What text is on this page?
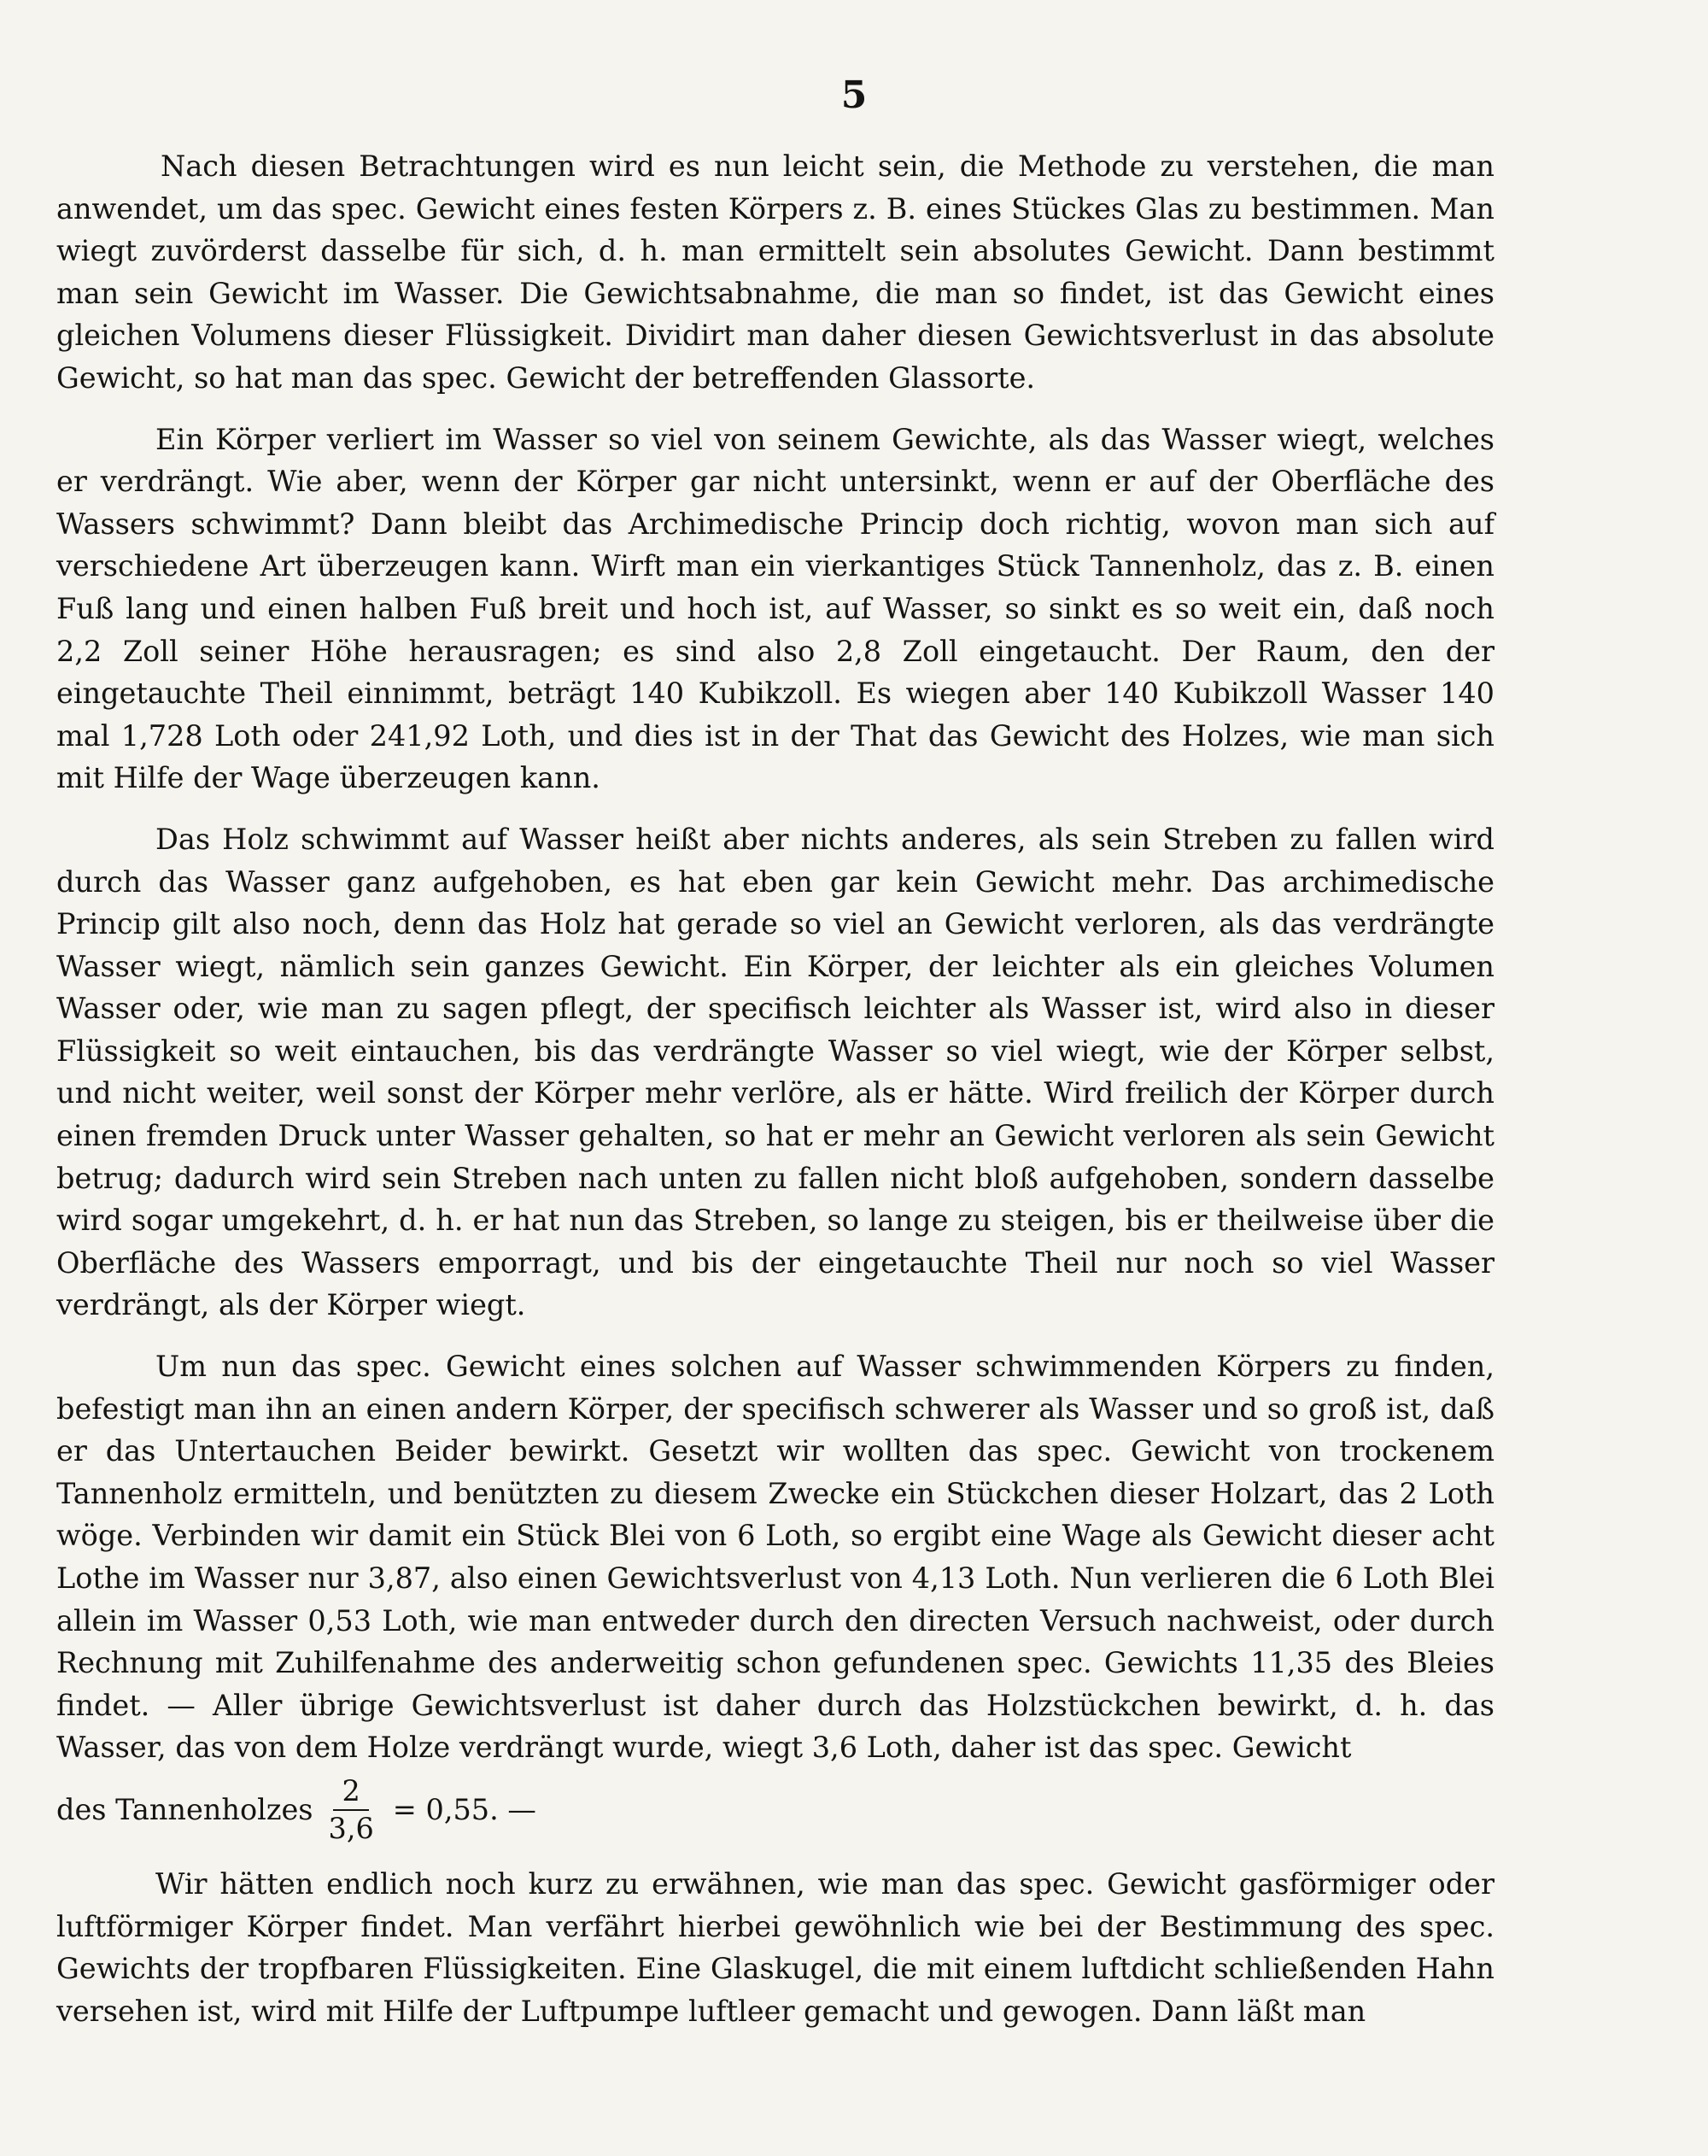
5

Nach diesen Betrachtungen wird es nun leicht sein, die Methode zu verstehen, die man anwendet, um das spec. Gewicht eines festen Körpers z. B. eines Stückes Glas zu bestimmen. Man wiegt zuvörderst dasselbe für sich, d. h. man ermittelt sein absolutes Gewicht. Dann bestimmt man sein Gewicht im Wasser. Die Gewichtsabnahme, die man so findet, ist das Gewicht eines gleichen Volumens dieser Flüssigkeit. Dividirt man daher diesen Gewichtsverlust in das absolute Gewicht, so hat man das spec. Gewicht der betreffenden Glassorte.

Ein Körper verliert im Wasser so viel von seinem Gewichte, als das Wasser wiegt, welches er verdrängt. Wie aber, wenn der Körper gar nicht untersinkt, wenn er auf der Oberfläche des Wassers schwimmt? Dann bleibt das Archimedische Princip doch richtig, wovon man sich auf verschiedene Art überzeugen kann. Wirft man ein vierkantiges Stück Tannenholz, das z. B. einen Fuß lang und einen halben Fuß breit und hoch ist, auf Wasser, so sinkt es so weit ein, daß noch 2,2 Zoll seiner Höhe herausragen; es sind also 2,8 Zoll eingetaucht. Der Raum, den der eingetauchte Theil einnimmt, beträgt 140 Kubikzoll. Es wiegen aber 140 Kubikzoll Wasser 140 mal 1,728 Loth oder 241,92 Loth, und dies ist in der That das Gewicht des Holzes, wie man sich mit Hilfe der Wage überzeugen kann.

Das Holz schwimmt auf Wasser heißt aber nichts anderes, als sein Streben zu fallen wird durch das Wasser ganz aufgehoben, es hat eben gar kein Gewicht mehr. Das archimedische Princip gilt also noch, denn das Holz hat gerade so viel an Gewicht verloren, als das verdrängte Wasser wiegt, nämlich sein ganzes Gewicht. Ein Körper, der leichter als ein gleiches Volumen Wasser oder, wie man zu sagen pflegt, der specifisch leichter als Wasser ist, wird also in dieser Flüssigkeit so weit eintauchen, bis das verdrängte Wasser so viel wiegt, wie der Körper selbst, und nicht weiter, weil sonst der Körper mehr verlöre, als er hätte. Wird freilich der Körper durch einen fremden Druck unter Wasser gehalten, so hat er mehr an Gewicht verloren als sein Gewicht betrug; dadurch wird sein Streben nach unten zu fallen nicht bloß aufgehoben, sondern dasselbe wird sogar umgekehrt, d. h. er hat nun das Streben, so lange zu steigen, bis er theilweise über die Oberfläche des Wassers emporragt, und bis der eingetauchte Theil nur noch so viel Wasser verdrängt, als der Körper wiegt.

Um nun das spec. Gewicht eines solchen auf Wasser schwimmenden Körpers zu finden, befestigt man ihn an einen andern Körper, der specifisch schwerer als Wasser und so groß ist, daß er das Untertauchen Beider bewirkt. Gesetzt wir wollten das spec. Gewicht von trockenem Tannenholz ermitteln, und benützten zu diesem Zwecke ein Stückchen dieser Holzart, das 2 Loth wöge. Verbinden wir damit ein Stück Blei von 6 Loth, so ergibt eine Wage als Gewicht dieser acht Lothe im Wasser nur 3,87, also einen Gewichtsverlust von 4,13 Loth. Nun verlieren die 6 Loth Blei allein im Wasser 0,53 Loth, wie man entweder durch den directen Versuch nachweist, oder durch Rechnung mit Zuhilfenahme des anderweitig schon gefundenen spec. Gewichts 11,35 des Bleies findet. — Aller übrige Gewichtsverlust ist daher durch das Holzstückchen bewirkt, d. h. das Wasser, das von dem Holze verdrängt wurde, wiegt 3,6 Loth, daher ist das spec. Gewicht

des Tannenholzes $\frac{2}{3,6} = 0,55$. —

Wir hätten endlich noch kurz zu erwähnen, wie man das spec. Gewicht gasförmiger oder luftförmiger Körper findet. Man verfährt hierbei gewöhnlich wie bei der Bestimmung des spec. Gewichts der tropfbaren Flüssigkeiten. Eine Glaskugel, die mit einem luftdicht schließenden Hahn versehen ist, wird mit Hilfe der Luftpumpe luftleer gemacht und gewogen. Dann läßt man
